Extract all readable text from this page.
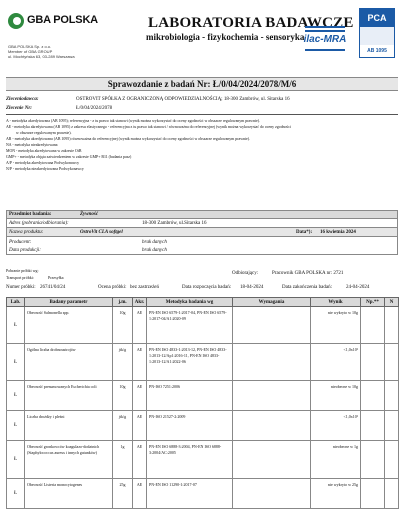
GBA POLSKA
GBA POLSKA Sp. z o.o.
Member of GBA GROUP
ul. Mochtyńska 63, 03-289 Warszawa
LABORATORIA BADAWCZE
mikrobiologia - fizykochemia - sensoryka ilac-MRA
PCA
AB 1095
Sprawozdanie z badań Nr: Ł/0/04/2024/2078/M/6
Zleceniodawca:	OSTROVIT SPÓŁKA Z OGRANICZONĄ ODPOWIEDZIALNOŚCIĄ; 18-300 Zambrów, ul. Sitarska 16
Zlecenie Nr:	Ł/0/04/2024/2078
A - metodyka akredytowana (AB 1095); referencyjna - z tu prawo tak stanowi (wynik można wykorzystać do oceny zgodności w obszarze regulowanym prawnie).
AE - metodyka akredytowana (AB 1095) z zakresu elastycznego - referencyjna z tu prawo tak stanowi / równoważna do referencyjnej (wynik można wykorzystać do oceny zgodności
w obszarze regulowanym prawnie).
AR - metodyka akredytowana (AB 1095) równoważna do referencyjnej (wynik można wykorzystać do oceny zgodności w obszarze regulowanym prawnie).
NA - metodyka nieakredytowana
MON - metodyka akredytowana w zakresie OiB
GMP+ - metodyka objęta zatwierdzeniem w zakresie GMP+ B11 (badania pasz)
A/P - metodyka akredytowana Podwykonawcy
N/P - metodyka nieakredytowana Podwykonawcy
Przedmiot badania:	Żywność
Adres (pobrania/odbiorania):	18-300 Zambrów, ul.Sitarska 16
Nazwa produktu:	OstroVit CLA softgel	Data*): 16 kwietnia 2024
Producent:	brak danych
Data produkcji:	brak danych
Pobranie próbki wg:
Transport próbki:	Przesyłka
Odbiorający:	Pracownik GBA POLSKA nr: 2721
Numer próbki: 26741/04/24	Ocena próbki: bez zastrzeżeń	Data rozpoczęcia badań: 18-04-2024	Data zakończenia badań:	24-04-2024
Lab.	Badany parametr	j.m.	Akr.	Metodyka badania wg	Wymagania	Wynik	Np.**	N
Ł	Obecność Salmonella spp.	10g	AE	PN-EN ISO 6579-1:2017-04, PN-EN ISO 6579-1:2017-04/A1:2020-09		nie wykryto w 10g		
Ł	Ogólna liczba drobnoustrojów	jtk/g	AE	PN-EN ISO 4833-1:2013-12, PN-EN ISO 4833-1:2013-12/Ap1:2016-11, PN-EN ISO 4833-1:2013-12/A1:2022-06		<1,0x10¹		
Ł	Obecność presumowanych Escherichia coli	10g	AE	PN-ISO 7251:2006		nieobecne w 10g		
Ł	Liczba drożdży i pleśni	jtk/g	AE	PN-ISO 21527-2:2009		<1,0x10¹		
Ł	Obecność gronkowców koagulazo-dodatnich (Staphylococcus aureus i innych gatunków)	1g	AE	PN-EN ISO 6888-3:2004, PN-EN ISO 6888-3:2004/AC:2005		nieobecne w 1g		
Ł	Obecność Listeria monocytogenes	25g	AE	PN-EN ISO 11290-1:2017-07		nie wykryto w 25g		
